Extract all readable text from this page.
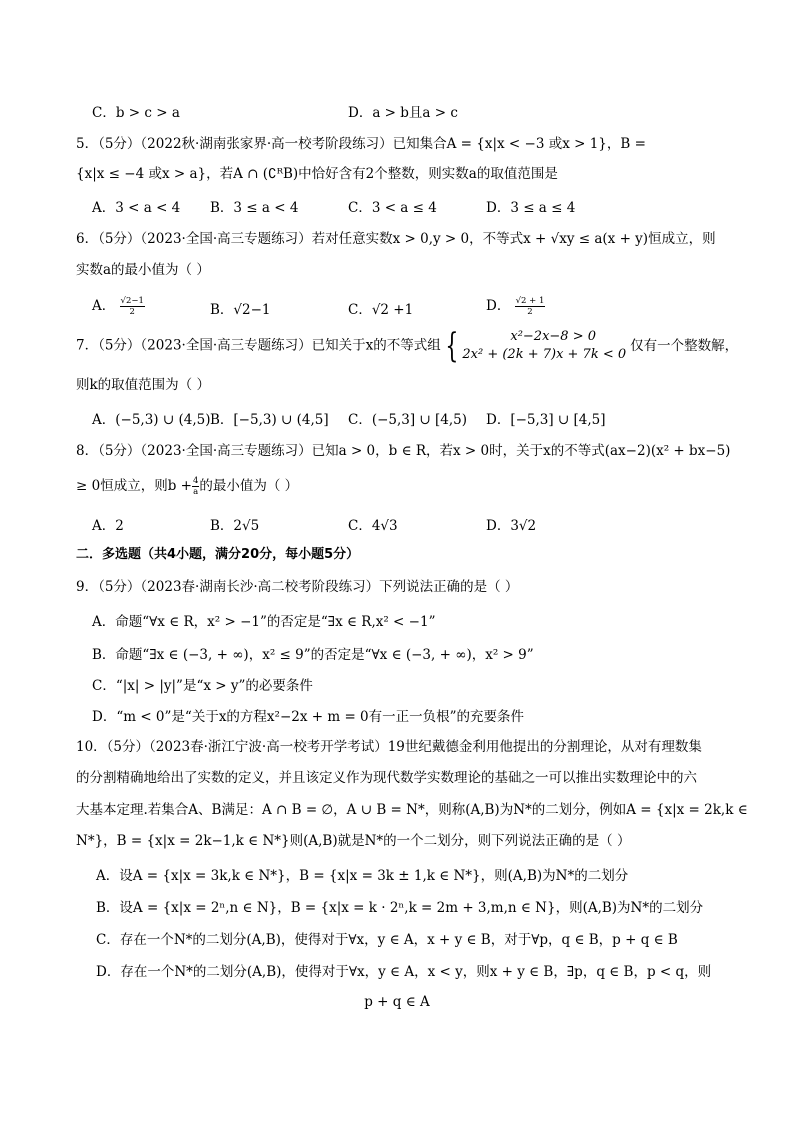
C．b > c > a	D．a > b且a > c
5．（5分）（2022秋·湖南张家界·高一校考阶段练习）已知集合A = {x|x < −3 或x > 1}，B =
{x|x ≤ −4 或x > a}，若A ∩ (∁ᴿB)中恰好含有2个整数，则实数a的取值范围是
A．3 < a < 4 B．3 ≤ a < 4	C．3 < a ≤ 4	D．3 ≤ a ≤ 4
6．（5分）（2023·全国·高三专题练习）若对任意实数x > 0,y > 0，不等式x + √xy ≤ a(x + y)恒成立，则
实数a的最小值为（ ）
A． $\frac{√2-1}{2}$	B．√2−1	C．√2 +1	D． $\frac{√2 + 1}{2}$
7．（5分）（2023·全国·高三专题练习）已知关于x的不等式组 {	x²−2x−8 > 0
2x² + (2k + 7)x + 7k < 0
仅有一个整数解，
则k的取值范围为（ ）
A．(−5,3) ∪ (4,5) B．[−5,3) ∪ (4,5] C．(−5,3] ∪ [4,5) D．[−5,3] ∪ [4,5]
8．（5分）（2023·全国·高三专题练习）已知a > 0，b ∈ R，若x > 0时，关于x的不等式(ax−2)(x² + bx−5)
≥ 0恒成立，则$b + \frac{4}{a}$ 的最小值为（ ）
A．2	B．2√5	C．4√3	D．3√2
二．多选题（共4小题，满分20分，每小题5分）
9．（5分）（2023春·湖南长沙·高二校考阶段练习）下列说法正确的是（ ）
A．命题“∀x ∈ R，x² > −1”的否定是“∃x ∈ R,x² < −1”
B．命题“∃x ∈ (−3, + ∞)，x² ≤ 9”的否定是“∀x ∈ (−3, + ∞)，x² > 9”
C．“|x| > |y|”是“x > y”的必要条件
D．“m < 0”是“关于x的方程x²−2x + m = 0有一正一负根”的充要条件
10．（5分）（2023春·浙江宁波·高一校考开学考试）19世纪戴德金利用他提出的分割理论，从对有理数集
的分割精确地给出了实数的定义，并且该定义作为现代数学实数理论的基础之一可以推出实数理论中的六
大基本定理.若集合A、B满足：A ∩ B = ∅，A ∪ B = N*，则称(A,B)为N*的二划分，例如A = {x|x = 2k,k ∈
N*}，B = {x|x = 2k−1,k ∈ N*}则(A,B)就是N*的一个二划分，则下列说法正确的是（ ）
A．设A = {x|x = 3k,k ∈ N*}，B = {x|x = 3k ± 1,k ∈ N*}，则(A,B)为N*的二划分
B．设A = {x|x = 2ⁿ,n ∈ N}，B = {x|x = k · 2ⁿ,k = 2m + 3,m,n ∈ N}，则(A,B)为N*的二划分
C．存在一个N*的二划分(A,B)，使得对于∀x，y ∈ A，x + y ∈ B，对于∀p，q ∈ B，p + q ∈ B
D．存在一个N*的二划分(A,B)，使得对于∀x，y ∈ A，x < y，则x + y ∈ B，∃p，q ∈ B，p < q，则
p + q ∈ A
